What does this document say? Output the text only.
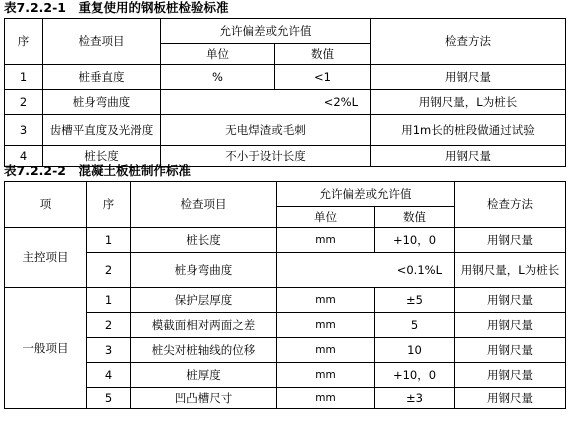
表7.2.2-1　重复使用的钢板桩检验标准
序	检查项目	允许偏差或允许值		检查方法
		单位	数值	
1	桩垂直度	%	<1	用钢尺量
2	桩身弯曲度	<2%L		用钢尺量，L为桩长
3	齿槽平直度及光滑度	无电焊渣或毛刺		用1m长的桩段做通过试验
4	桩长度	不小于设计长度		用钢尺量
表7.2.2-2　混凝土板桩制作标准
项	序	检查项目	允许偏差或允许值		检查方法
			单位	数值	
主控项目	1	桩长度	mm	+10，0	用钢尺量
	2	桩身弯曲度	<0.1%L		用钢尺量，L为桩长
一般项目	1	保护层厚度	mm	±5	用钢尺量
	2	模截面相对两面之差	mm	5	用钢尺量
	3	桩尖对桩轴线的位移	mm	10	用钢尺量
	4	桩厚度	mm	+10，0	用钢尺量
	5	凹凸槽尺寸	mm	±3	用钢尺量
